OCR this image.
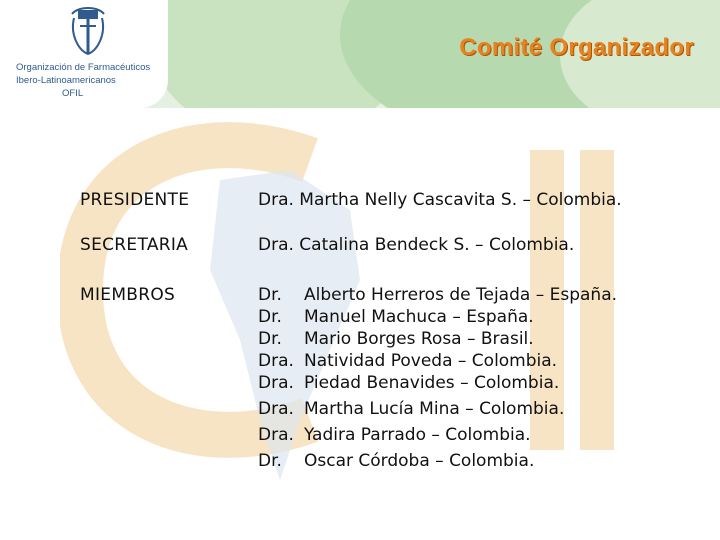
Organización de Farmacéuticos
Ibero-Latinoamericanos
OFIL
Comité Organizador
PRESIDENTE	Dra. Martha Nelly Cascavita S. – Colombia.
SECRETARIA	Dra. Catalina Bendeck S. – Colombia.
MIEMBROS	Dr. Alberto Herreros de Tejada – España.
Dr. Manuel Machuca – España.
Dr. Mario Borges Rosa – Brasil.
Dra. Natividad Poveda – Colombia.
Dra. Piedad Benavides – Colombia.
Dra. Martha Lucía Mina – Colombia.
Dra. Yadira Parrado – Colombia.
Dr. Oscar Córdoba – Colombia.
